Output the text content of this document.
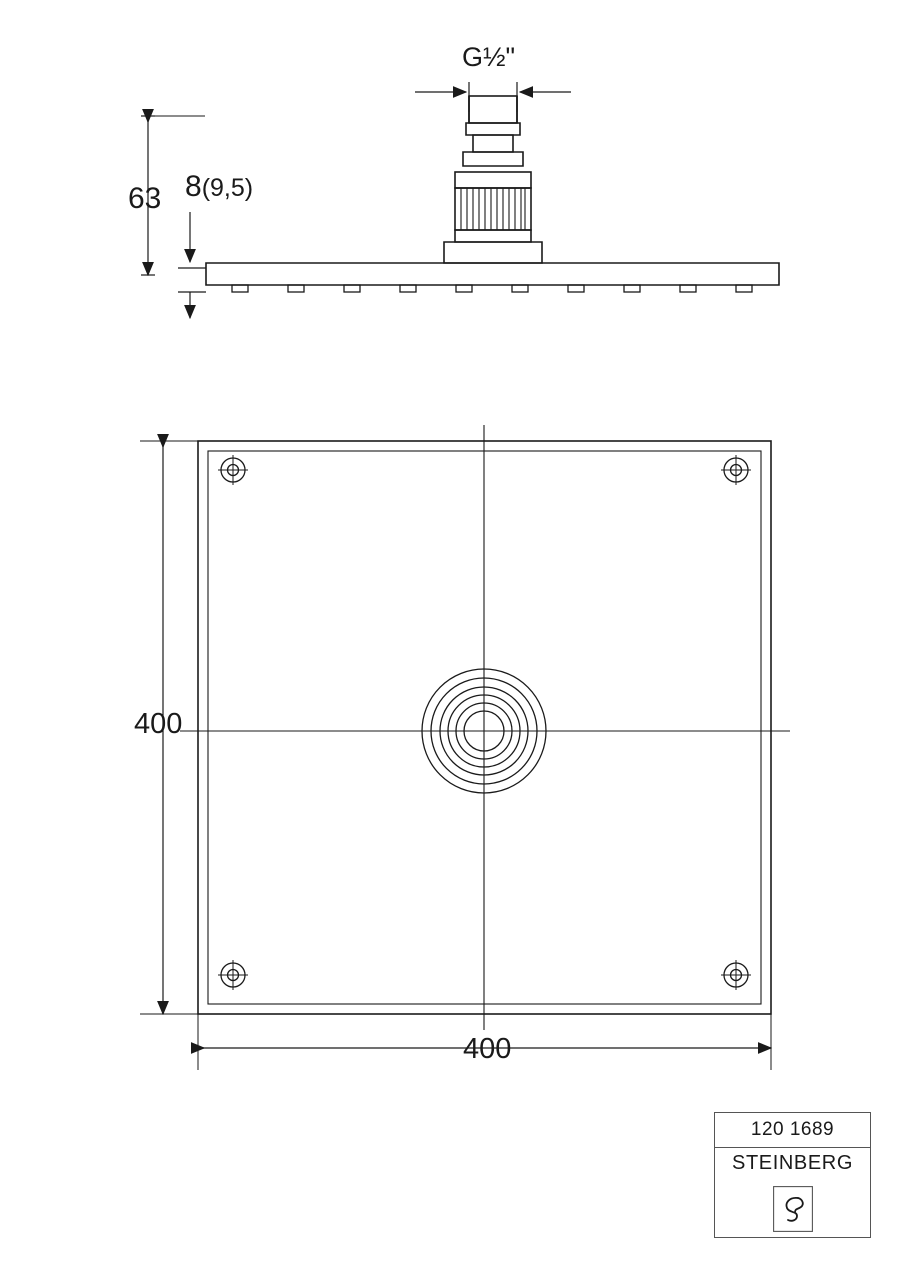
G½"
63 8(9,5)
400
400
120 1689
STEINBERG
